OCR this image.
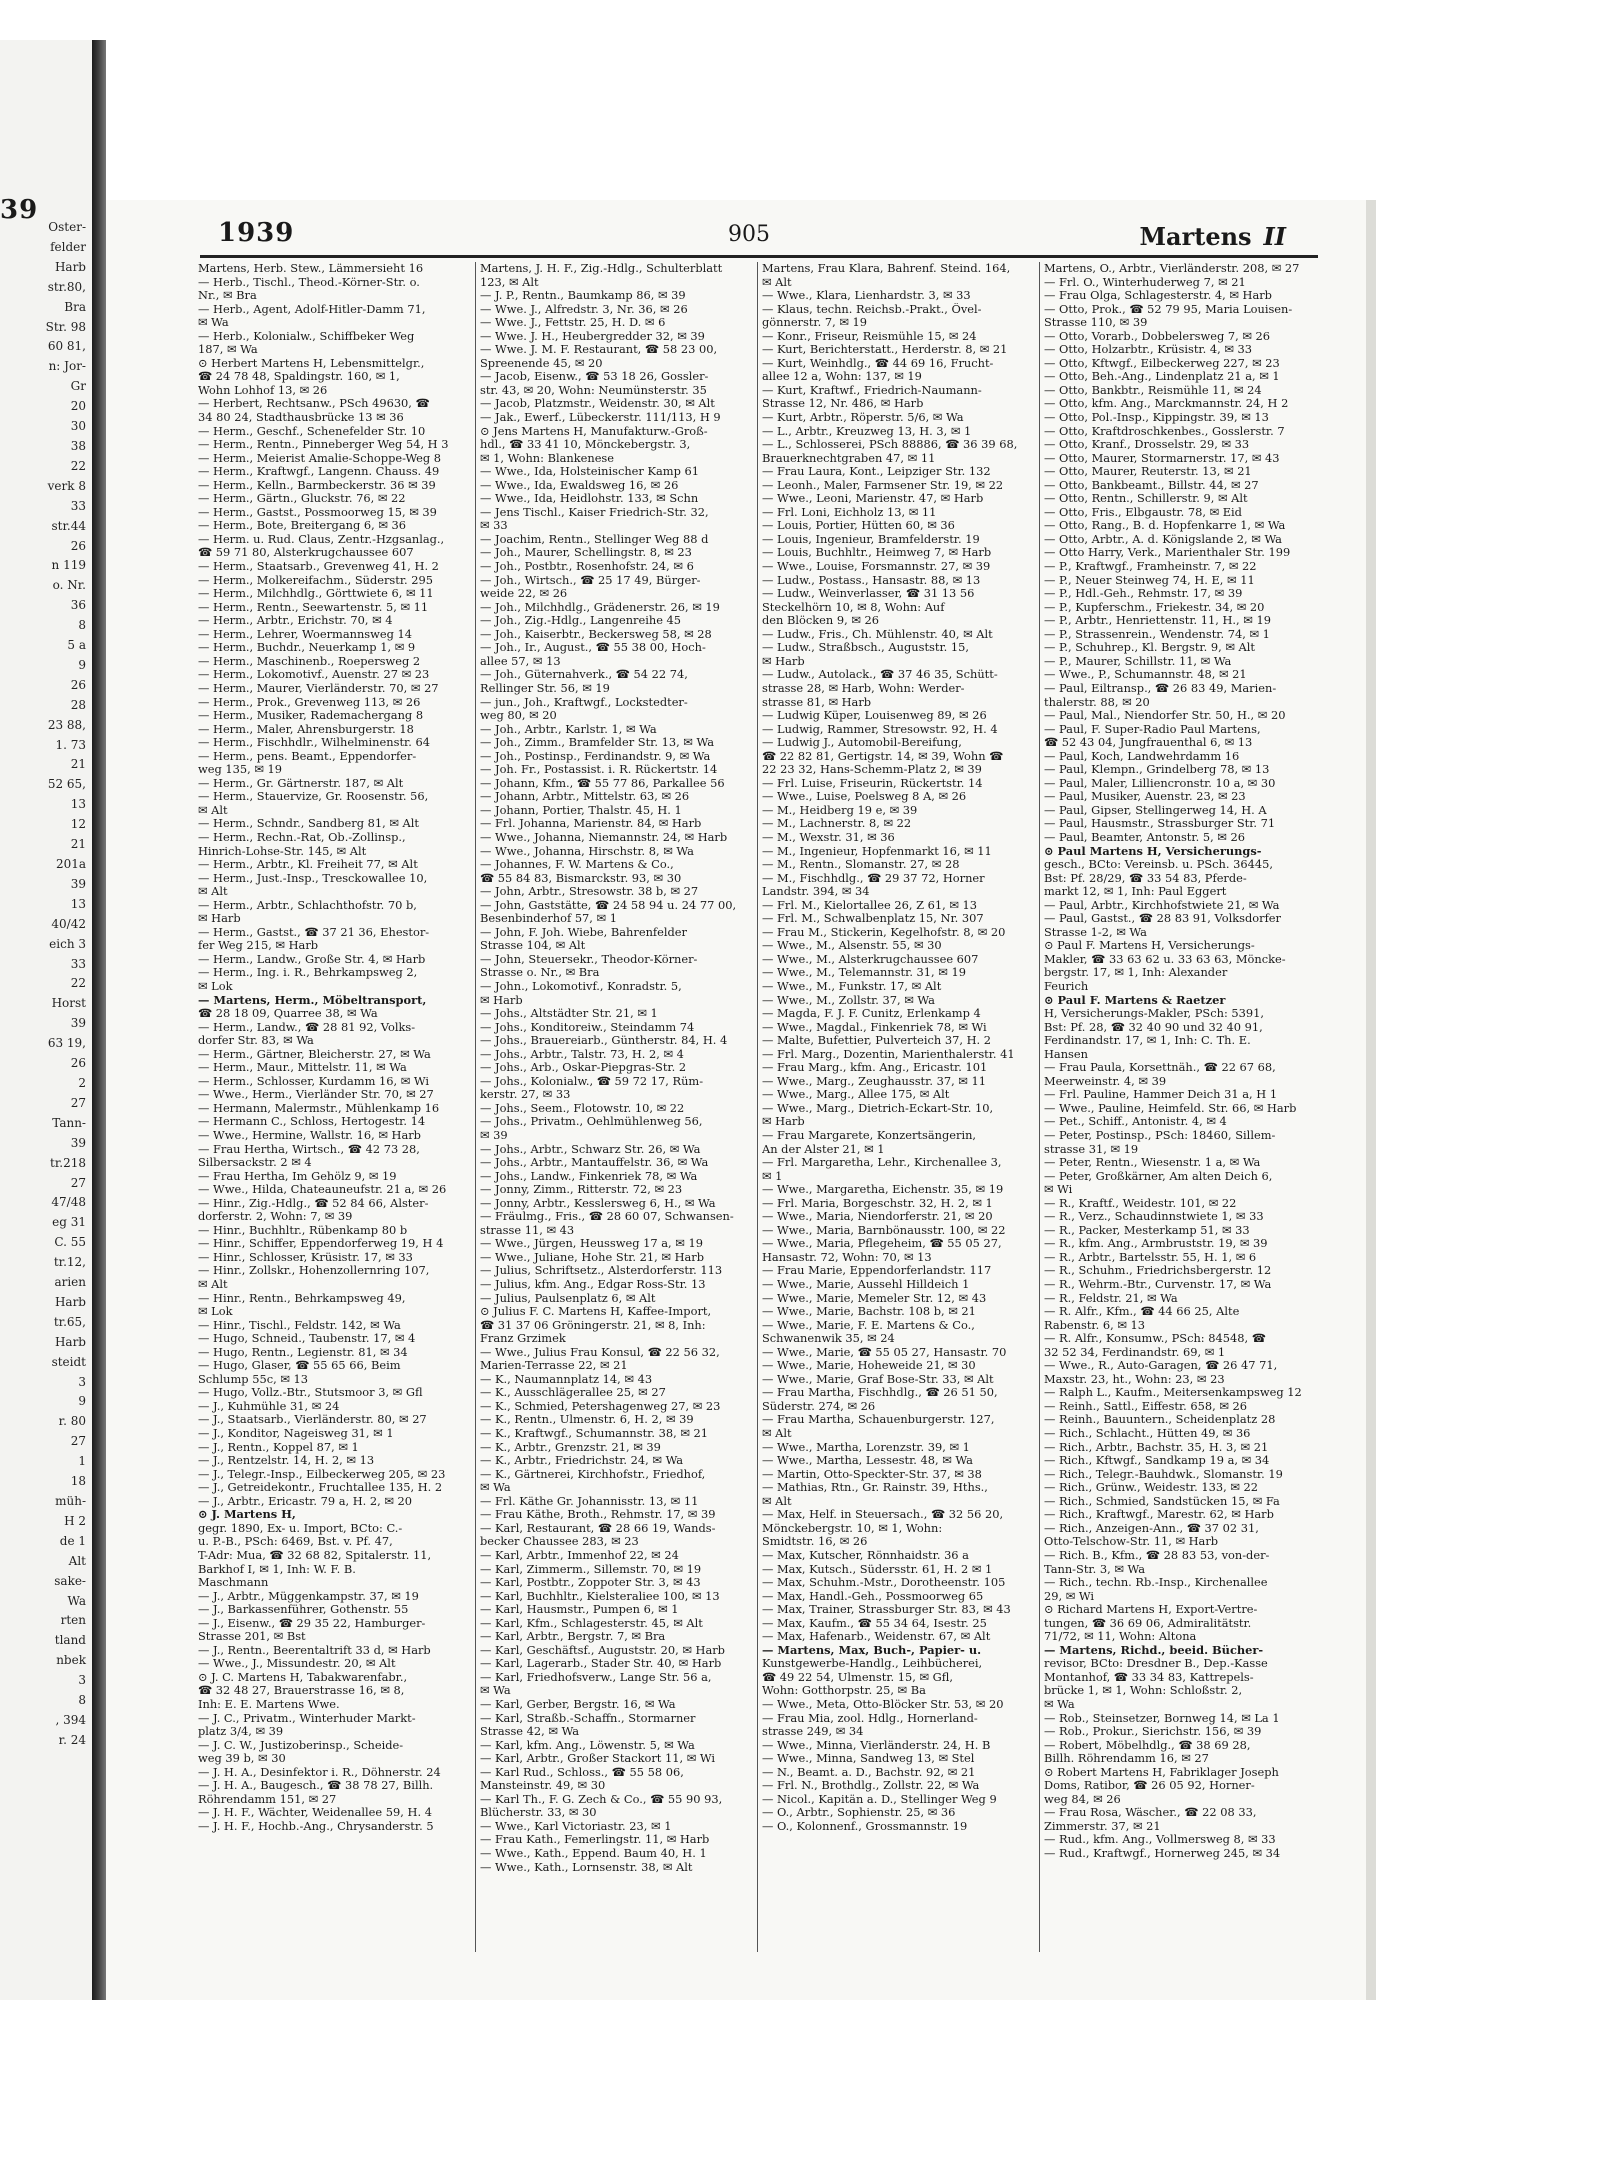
39
Oster-
felder
Harb
str.80,
Bra
Str. 98
60 81,
n: Jor-
Gr
20
30
38
22
verk 8
33
str.44
26
n 119
o. Nr.
36
8
5 a
9
26
28
23 88,
1. 73
21
52 65,
13
12
21
201a
39
13
40/42
eich 3
33
22
Horst
39
63 19,
26
2
27
Tann-
39
tr.218
27
47/48
eg 31
C. 55
tr.12,
arien
Harb
tr.65,
Harb
steidt
3
9
r. 80
27
1
18
müh-
H 2
de 1
Alt
sake-
Wa
rten
tland
nbek
3
8
, 394
r. 24
1939	905	Martens II
Martens, Herb. Stew., Lämmersieht 16
— Herb., Tischl., Theod.-Körner-Str. o.
Nr., ✉ Bra
— Herb., Agent, Adolf-Hitler-Damm 71,
✉ Wa
— Herb., Kolonialw., Schiffbeker Weg
187, ✉ Wa
⊙ Herbert Martens H, Lebensmittelgr.,
☎ 24 78 48, Spaldingstr. 160, ✉ 1,
Wohn Lohhof 13, ✉ 26
— Herbert, Rechtsanw., PSch 49630, ☎
34 80 24, Stadthausbrücke 13 ✉ 36
— Herm., Geschf., Schenefelder Str. 10
— Herm., Rentn., Pinneberger Weg 54, H 3
— Herm., Meierist Amalie-Schoppe-Weg 8
— Herm., Kraftwgf., Langenn. Chauss. 49
— Herm., Kelln., Barmbeckerstr. 36 ✉ 39
— Herm., Gärtn., Gluckstr. 76, ✉ 22
— Herm., Gastst., Possmoorweg 15, ✉ 39
— Herm., Bote, Breitergang 6, ✉ 36
— Herm. u. Rud. Claus, Zentr.-Hzgsanlag.,
☎ 59 71 80, Alsterkrugchaussee 607
— Herm., Staatsarb., Grevenweg 41, H. 2
— Herm., Molkereifachm., Süderstr. 295
— Herm., Milchhdlg., Görttwiete 6, ✉ 11
— Herm., Rentn., Seewartenstr. 5, ✉ 11
— Herm., Arbtr., Erichstr. 70, ✉ 4
— Herm., Lehrer, Woermannsweg 14
— Herm., Buchdr., Neuerkamp 1, ✉ 9
— Herm., Maschinenb., Roepersweg 2
— Herm., Lokomotivf., Auenstr. 27 ✉ 23
— Herm., Maurer, Vierländerstr. 70, ✉ 27
— Herm., Prok., Grevenweg 113, ✉ 26
— Herm., Musiker, Rademachergang 8
— Herm., Maler, Ahrensburgerstr. 18
— Herm., Fischhdlr., Wilhelminenstr. 64
— Herm., pens. Beamt., Eppendorfer-
weg 135, ✉ 19
— Herm., Gr. Gärtnerstr. 187, ✉ Alt
— Herm., Stauervize, Gr. Roosenstr. 56,
✉ Alt
— Herm., Schndr., Sandberg 81, ✉ Alt
— Herm., Rechn.-Rat, Ob.-Zollinsp.,
Hinrich-Lohse-Str. 145, ✉ Alt
— Herm., Arbtr., Kl. Freiheit 77, ✉ Alt
— Herm., Just.-Insp., Tresckowallee 10,
✉ Alt
— Herm., Arbtr., Schlachthofstr. 70 b,
✉ Harb
— Herm., Gastst., ☎ 37 21 36, Ehestor-
fer Weg 215, ✉ Harb
— Herm., Landw., Große Str. 4, ✉ Harb
— Herm., Ing. i. R., Behrkampsweg 2,
✉ Lok
— Martens, Herm., Möbeltransport,
☎ 28 18 09, Quarree 38, ✉ Wa
— Herm., Landw., ☎ 28 81 92, Volks-
dorfer Str. 83, ✉ Wa
— Herm., Gärtner, Bleicherstr. 27, ✉ Wa
— Herm., Maur., Mittelstr. 11, ✉ Wa
— Herm., Schlosser, Kurdamm 16, ✉ Wi
— Wwe., Herm., Vierländer Str. 70, ✉ 27
— Hermann, Malermstr., Mühlenkamp 16
— Hermann C., Schloss, Hertogestr. 14
— Wwe., Hermine, Wallstr. 16, ✉ Harb
— Frau Hertha, Wirtsch., ☎ 42 73 28,
Silbersackstr. 2 ✉ 4
— Frau Hertha, Im Gehölz 9, ✉ 19
— Wwe., Hilda, Chateauneufstr. 21 a, ✉ 26
— Hinr., Zig.-Hdlg., ☎ 52 84 66, Alster-
dorferstr. 2, Wohn: 7, ✉ 39
— Hinr., Buchhltr., Rübenkamp 80 b
— Hinr., Schiffer, Eppendorferweg 19, H 4
— Hinr., Schlosser, Krüsistr. 17, ✉ 33
— Hinr., Zollskr., Hohenzollernring 107,
✉ Alt
— Hinr., Rentn., Behrkampsweg 49,
✉ Lok
— Hinr., Tischl., Feldstr. 142, ✉ Wa
— Hugo, Schneid., Taubenstr. 17, ✉ 4
— Hugo, Rentn., Legienstr. 81, ✉ 34
— Hugo, Glaser, ☎ 55 65 66, Beim
Schlump 55c, ✉ 13
— Hugo, Vollz.-Btr., Stutsmoor 3, ✉ Gfl
— J., Kuhmühle 31, ✉ 24
— J., Staatsarb., Vierländerstr. 80, ✉ 27
— J., Konditor, Nageisweg 31, ✉ 1
— J., Rentn., Koppel 87, ✉ 1
— J., Rentzelstr. 14, H. 2, ✉ 13
— J., Telegr.-Insp., Eilbeckerweg 205, ✉ 23
— J., Getreidekontr., Fruchtallee 135, H. 2
— J., Arbtr., Ericastr. 79 a, H. 2, ✉ 20
⊙ J. Martens H,
gegr. 1890, Ex- u. Import, BCto: C.-
u. P.-B., PSch: 6469, Bst. v. Pf. 47,
T-Adr: Mua, ☎ 32 68 82, Spitalerstr. 11,
Barkhof I, ✉ 1, Inh: W. F. B.
Maschmann
— J., Arbtr., Müggenkampstr. 37, ✉ 19
— J., Barkassenführer, Gothenstr. 55
— J., Eisenw., ☎ 29 35 22, Hamburger-
Strasse 201, ✉ Bst
— J., Rentn., Beerentaltrift 33 d, ✉ Harb
— Wwe., J., Missundestr. 20, ✉ Alt
⊙ J. C. Martens H, Tabakwarenfabr.,
☎ 32 48 27, Brauerstrasse 16, ✉ 8,
Inh: E. E. Martens Wwe.
— J. C., Privatm., Winterhuder Markt-
platz 3/4, ✉ 39
— J. C. W., Justizoberinsp., Scheide-
weg 39 b, ✉ 30
— J. H. A., Desinfektor i. R., Döhnerstr. 24
— J. H. A., Baugesch., ☎ 38 78 27, Billh.
Röhrendamm 151, ✉ 27
— J. H. F., Wächter, Weidenallee 59, H. 4
— J. H. F., Hochb.-Ang., Chrysanderstr. 5
Martens, J. H. F., Zig.-Hdlg., Schulterblatt
123, ✉ Alt
— J. P., Rentn., Baumkamp 86, ✉ 39
— Wwe. J., Alfredstr. 3, Nr. 36, ✉ 26
— Wwe. J., Fettstr. 25, H. D. ✉ 6
— Wwe. J. H., Heubergredder 32, ✉ 39
— Wwe. J. M. F. Restaurant, ☎ 58 23 00,
Spreenende 45, ✉ 20
— Jacob, Eisenw., ☎ 53 18 26, Gossler-
str. 43, ✉ 20, Wohn: Neumünsterstr. 35
— Jacob, Platzmstr., Weidenstr. 30, ✉ Alt
— Jak., Ewerf., Lübeckerstr. 111/113, H 9
⊙ Jens Martens H, Manufakturw.-Groß-
hdl., ☎ 33 41 10, Mönckebergstr. 3,
✉ 1, Wohn: Blankenese
— Wwe., Ida, Holsteinischer Kamp 61
— Wwe., Ida, Ewaldsweg 16, ✉ 26
— Wwe., Ida, Heidlohstr. 133, ✉ Schn
— Jens Tischl., Kaiser Friedrich-Str. 32,
✉ 33
— Joachim, Rentn., Stellinger Weg 88 d
— Joh., Maurer, Schellingstr. 8, ✉ 23
— Joh., Postbtr., Rosenhofstr. 24, ✉ 6
— Joh., Wirtsch., ☎ 25 17 49, Bürger-
weide 22, ✉ 26
— Joh., Milchhdlg., Grädenerstr. 26, ✉ 19
— Joh., Zig.-Hdlg., Langenreihe 45
— Joh., Kaiserbtr., Beckersweg 58, ✉ 28
— Joh., Ir., August., ☎ 55 38 00, Hoch-
allee 57, ✉ 13
— Joh., Güternahverk., ☎ 54 22 74,
Rellinger Str. 56, ✉ 19
— jun., Joh., Kraftwgf., Lockstedter-
weg 80, ✉ 20
— Joh., Arbtr., Karlstr. 1, ✉ Wa
— Joh., Zimm., Bramfelder Str. 13, ✉ Wa
— Joh., Postinsp., Ferdinandstr. 9, ✉ Wa
— Joh. Fr., Postassist. i. R. Rückertstr. 14
— Johann, Kfm., ☎ 55 77 86, Parkallee 56
— Johann, Arbtr., Mittelstr. 63, ✉ 26
— Johann, Portier, Thalstr. 45, H. 1
— Frl. Johanna, Marienstr. 84, ✉ Harb
— Wwe., Johanna, Niemannstr. 24, ✉ Harb
— Wwe., Johanna, Hirschstr. 8, ✉ Wa
— Johannes, F. W. Martens & Co.,
☎ 55 84 83, Bismarckstr. 93, ✉ 30
— John, Arbtr., Stresowstr. 38 b, ✉ 27
— John, Gaststätte, ☎ 24 58 94 u. 24 77 00,
Besenbinderhof 57, ✉ 1
— John, F. Joh. Wiebe, Bahrenfelder
Strasse 104, ✉ Alt
— John, Steuersekr., Theodor-Körner-
Strasse o. Nr., ✉ Bra
— John., Lokomotivf., Konradstr. 5,
✉ Harb
— Johs., Altstädter Str. 21, ✉ 1
— Johs., Konditoreiw., Steindamm 74
— Johs., Brauereiarb., Güntherstr. 84, H. 4
— Johs., Arbtr., Talstr. 73, H. 2, ✉ 4
— Johs., Arb., Oskar-Piepgras-Str. 2
— Johs., Kolonialw., ☎ 59 72 17, Rüm-
kerstr. 27, ✉ 33
— Johs., Seem., Flotowstr. 10, ✉ 22
— Johs., Privatm., Oehlmühlenweg 56,
✉ 39
— Johs., Arbtr., Schwarz Str. 26, ✉ Wa
— Johs., Arbtr., Mantauffelstr. 36, ✉ Wa
— Johs., Landw., Finkenriek 78, ✉ Wa
— Jonny, Zimm., Ritterstr. 72, ✉ 23
— Jonny, Arbtr., Kesslersweg 6, H., ✉ Wa
— Fräulmg., Fris., ☎ 28 60 07, Schwansen-
strasse 11, ✉ 43
— Wwe., Jürgen, Heussweg 17 a, ✉ 19
— Wwe., Juliane, Hohe Str. 21, ✉ Harb
— Julius, Schriftsetz., Alsterdorferstr. 113
— Julius, kfm. Ang., Edgar Ross-Str. 13
— Julius, Paulsenplatz 6, ✉ Alt
⊙ Julius F. C. Martens H, Kaffee-Import,
☎ 31 37 06 Gröningerstr. 21, ✉ 8, Inh:
Franz Grzimek
— Wwe., Julius Frau Konsul, ☎ 22 56 32,
Marien-Terrasse 22, ✉ 21
— K., Naumannplatz 14, ✉ 43
— K., Ausschlägerallee 25, ✉ 27
— K., Schmied, Petershagenweg 27, ✉ 23
— K., Rentn., Ulmenstr. 6, H. 2, ✉ 39
— K., Kraftwgf., Schumannstr. 38, ✉ 21
— K., Arbtr., Grenzstr. 21, ✉ 39
— K., Arbtr., Friedrichstr. 24, ✉ Wa
— K., Gärtnerei, Kirchhofstr., Friedhof,
✉ Wa
— Frl. Käthe Gr. Johannisstr. 13, ✉ 11
— Frau Käthe, Broth., Rehmstr. 17, ✉ 39
— Karl, Restaurant, ☎ 28 66 19, Wands-
becker Chaussee 283, ✉ 23
— Karl, Arbtr., Immenhof 22, ✉ 24
— Karl, Zimmerm., Sillemstr. 70, ✉ 19
— Karl, Postbtr., Zoppoter Str. 3, ✉ 43
— Karl, Buchhltr., Kielsteraliee 100, ✉ 13
— Karl, Hausmstr., Pumpen 6, ✉ 1
— Karl, Kfm., Schlagesterstr. 45, ✉ Alt
— Karl, Arbtr., Bergstr. 7, ✉ Bra
— Karl, Geschäftsf., Auguststr. 20, ✉ Harb
— Karl, Lagerarb., Stader Str. 40, ✉ Harb
— Karl, Friedhofsverw., Lange Str. 56 a,
✉ Wa
— Karl, Gerber, Bergstr. 16, ✉ Wa
— Karl, Straßb.-Schaffn., Stormarner
Strasse 42, ✉ Wa
— Karl, kfm. Ang., Löwenstr. 5, ✉ Wa
— Karl, Arbtr., Großer Stackort 11, ✉ Wi
— Karl Rud., Schloss., ☎ 55 58 06,
Mansteinstr. 49, ✉ 30
— Karl Th., F. G. Zech & Co., ☎ 55 90 93,
Blücherstr. 33, ✉ 30
— Wwe., Karl Victoriastr. 23, ✉ 1
— Frau Kath., Femerlingstr. 11, ✉ Harb
— Wwe., Kath., Eppend. Baum 40, H. 1
— Wwe., Kath., Lornsenstr. 38, ✉ Alt
Martens, Frau Klara, Bahrenf. Steind. 164,
✉ Alt
— Wwe., Klara, Lienhardstr. 3, ✉ 33
— Klaus, techn. Reichsb.-Prakt., Övel-
gönnerstr. 7, ✉ 19
— Konr., Friseur, Reismühle 15, ✉ 24
— Kurt, Berichterstatt., Herderstr. 8, ✉ 21
— Kurt, Weinhdlg., ☎ 44 69 16, Frucht-
allee 12 a, Wohn: 137, ✉ 19
— Kurt, Kraftwf., Friedrich-Naumann-
Strasse 12, Nr. 486, ✉ Harb
— Kurt, Arbtr., Röperstr. 5/6, ✉ Wa
— L., Arbtr., Kreuzweg 13, H. 3, ✉ 1
— L., Schlosserei, PSch 88886, ☎ 36 39 68,
Brauerknechtgraben 47, ✉ 11
— Frau Laura, Kont., Leipziger Str. 132
— Leonh., Maler, Farmsener Str. 19, ✉ 22
— Wwe., Leoni, Marienstr. 47, ✉ Harb
— Frl. Loni, Eichholz 13, ✉ 11
— Louis, Portier, Hütten 60, ✉ 36
— Louis, Ingenieur, Bramfelderstr. 19
— Louis, Buchhltr., Heimweg 7, ✉ Harb
— Wwe., Louise, Forsmannstr. 27, ✉ 39
— Ludw., Postass., Hansastr. 88, ✉ 13
— Ludw., Weinverlasser, ☎ 31 13 56
Steckelhörn 10, ✉ 8, Wohn: Auf
den Blöcken 9, ✉ 26
— Ludw., Fris., Ch. Mühlenstr. 40, ✉ Alt
— Ludw., Straßbsch., Auguststr. 15,
✉ Harb
— Ludw., Autolack., ☎ 37 46 35, Schütt-
strasse 28, ✉ Harb, Wohn: Werder-
strasse 81, ✉ Harb
— Ludwig Küper, Louisenweg 89, ✉ 26
— Ludwig, Rammer, Stresowstr. 92, H. 4
— Ludwig J., Automobil-Bereifung,
☎ 22 82 81, Gertigstr. 14, ✉ 39, Wohn ☎
22 23 32, Hans-Schemm-Platz 2, ✉ 39
— Frl. Luise, Friseurin, Rückertstr. 14
— Wwe., Luise, Poelsweg 8 A, ✉ 26
— M., Heidberg 19 e, ✉ 39
— M., Lachnerstr. 8, ✉ 22
— M., Wexstr. 31, ✉ 36
— M., Ingenieur, Hopfenmarkt 16, ✉ 11
— M., Rentn., Slomanstr. 27, ✉ 28
— M., Fischhdlg., ☎ 29 37 72, Horner
Landstr. 394, ✉ 34
— Frl. M., Kielortallee 26, Z 61, ✉ 13
— Frl. M., Schwalbenplatz 15, Nr. 307
— Frau M., Stickerin, Kegelhofstr. 8, ✉ 20
— Wwe., M., Alsenstr. 55, ✉ 30
— Wwe., M., Alsterkrugchaussee 607
— Wwe., M., Telemannstr. 31, ✉ 19
— Wwe., M., Funkstr. 17, ✉ Alt
— Wwe., M., Zollstr. 37, ✉ Wa
— Magda, F. J. F. Cunitz, Erlenkamp 4
— Wwe., Magdal., Finkenriek 78, ✉ Wi
— Malte, Bufettier, Pulverteich 37, H. 2
— Frl. Marg., Dozentin, Marienthalerstr. 41
— Frau Marg., kfm. Ang., Ericastr. 101
— Wwe., Marg., Zeughausstr. 37, ✉ 11
— Wwe., Marg., Allee 175, ✉ Alt
— Wwe., Marg., Dietrich-Eckart-Str. 10,
✉ Harb
— Frau Margarete, Konzertsängerin,
An der Alster 21, ✉ 1
— Frl. Margaretha, Lehr., Kirchenallee 3,
✉ 1
— Wwe., Margaretha, Eichenstr. 35, ✉ 19
— Frl. Maria, Borgeschstr. 32, H. 2, ✉ 1
— Wwe., Maria, Niendorferstr. 21, ✉ 20
— Wwe., Maria, Barnbönausstr. 100, ✉ 22
— Wwe., Maria, Pflegeheim, ☎ 55 05 27,
Hansastr. 72, Wohn: 70, ✉ 13
— Frau Marie, Eppendorferlandstr. 117
— Wwe., Marie, Aussehl Hilldeich 1
— Wwe., Marie, Memeler Str. 12, ✉ 43
— Wwe., Marie, Bachstr. 108 b, ✉ 21
— Wwe., Marie, F. E. Martens & Co.,
Schwanenwik 35, ✉ 24
— Wwe., Marie, ☎ 55 05 27, Hansastr. 70
— Wwe., Marie, Hoheweide 21, ✉ 30
— Wwe., Marie, Graf Bose-Str. 33, ✉ Alt
— Frau Martha, Fischhdlg., ☎ 26 51 50,
Süderstr. 274, ✉ 26
— Frau Martha, Schauenburgerstr. 127,
✉ Alt
— Wwe., Martha, Lorenzstr. 39, ✉ 1
— Wwe., Martha, Lessestr. 48, ✉ Wa
— Martin, Otto-Speckter-Str. 37, ✉ 38
— Mathias, Rtn., Gr. Rainstr. 39, Hths.,
✉ Alt
— Max, Helf. in Steuersach., ☎ 32 56 20,
Mönckebergstr. 10, ✉ 1, Wohn:
Smidtstr. 16, ✉ 26
— Max, Kutscher, Rönnhaidstr. 36 a
— Max, Kutsch., Südersstr. 61, H. 2 ✉ 1
— Max, Schuhm.-Mstr., Dorotheenstr. 105
— Max, Handl.-Geh., Possmoorweg 65
— Max, Trainer, Strassburger Str. 83, ✉ 43
— Max, Kaufm., ☎ 55 34 64, Isestr. 25
— Max, Hafenarb., Weidenstr. 67, ✉ Alt
— Martens, Max, Buch-, Papier- u.
Kunstgewerbe-Handlg., Leihbücherei,
☎ 49 22 54, Ulmenstr. 15, ✉ Gfl,
Wohn: Gotthorpstr. 25, ✉ Ba
— Wwe., Meta, Otto-Blöcker Str. 53, ✉ 20
— Frau Mia, zool. Hdlg., Hornerland-
strasse 249, ✉ 34
— Wwe., Minna, Vierländerstr. 24, H. B
— Wwe., Minna, Sandweg 13, ✉ Stel
— N., Beamt. a. D., Bachstr. 92, ✉ 21
— Frl. N., Brothdlg., Zollstr. 22, ✉ Wa
— Nicol., Kapitän a. D., Stellinger Weg 9
— O., Arbtr., Sophienstr. 25, ✉ 36
— O., Kolonnenf., Grossmannstr. 19
Martens, O., Arbtr., Vierländerstr. 208, ✉ 27
— Frl. O., Winterhuderweg 7, ✉ 21
— Frau Olga, Schlagesterstr. 4, ✉ Harb
— Otto, Prok., ☎ 52 79 95, Maria Louisen-
Strasse 110, ✉ 39
— Otto, Vorarb., Dobbelersweg 7, ✉ 26
— Otto, Holzarbtr., Krüsistr. 4, ✉ 33
— Otto, Kftwgf., Eilbeckerweg 227, ✉ 23
— Otto, Beh.-Ang., Lindenplatz 21 a, ✉ 1
— Otto, Bankbtr., Reismühle 11, ✉ 24
— Otto, kfm. Ang., Marckmannstr. 24, H 2
— Otto, Pol.-Insp., Kippingstr. 39, ✉ 13
— Otto, Kraftdroschkenbes., Gosslerstr. 7
— Otto, Kranf., Drosselstr. 29, ✉ 33
— Otto, Maurer, Stormarnerstr. 17, ✉ 43
— Otto, Maurer, Reuterstr. 13, ✉ 21
— Otto, Bankbeamt., Billstr. 44, ✉ 27
— Otto, Rentn., Schillerstr. 9, ✉ Alt
— Otto, Fris., Elbgaustr. 78, ✉ Eid
— Otto, Rang., B. d. Hopfenkarre 1, ✉ Wa
— Otto, Arbtr., A. d. Königslande 2, ✉ Wa
— Otto Harry, Verk., Marienthaler Str. 199
— P., Kraftwgf., Framheinstr. 7, ✉ 22
— P., Neuer Steinweg 74, H. E, ✉ 11
— P., Hdl.-Geh., Rehmstr. 17, ✉ 39
— P., Kupferschm., Friekestr. 34, ✉ 20
— P., Arbtr., Henriettenstr. 11, H., ✉ 19
— P., Strassenrein., Wendenstr. 74, ✉ 1
— P., Schuhrep., Kl. Bergstr. 9, ✉ Alt
— P., Maurer, Schillstr. 11, ✉ Wa
— Wwe., P., Schumannstr. 48, ✉ 21
— Paul, Eiltransp., ☎ 26 83 49, Marien-
thalerstr. 88, ✉ 20
— Paul, Mal., Niendorfer Str. 50, H., ✉ 20
— Paul, F. Super-Radio Paul Martens,
☎ 52 43 04, Jungfrauenthal 6, ✉ 13
— Paul, Koch, Landwehrdamm 16
— Paul, Klempn., Grindelberg 78, ✉ 13
— Paul, Maler, Lilliencronstr. 10 a, ✉ 30
— Paul, Musiker, Auenstr. 23, ✉ 23
— Paul, Gipser, Stellingerweg 14, H. A
— Paul, Hausmstr., Strassburger Str. 71
— Paul, Beamter, Antonstr. 5, ✉ 26
⊙ Paul Martens H, Versicherungs-
gesch., BCto: Vereinsb. u. PSch. 36445,
Bst: Pf. 28/29, ☎ 33 54 83, Pferde-
markt 12, ✉ 1, Inh: Paul Eggert
— Paul, Arbtr., Kirchhofstwiete 21, ✉ Wa
— Paul, Gastst., ☎ 28 83 91, Volksdorfer
Strasse 1-2, ✉ Wa
⊙ Paul F. Martens H, Versicherungs-
Makler, ☎ 33 63 62 u. 33 63 63, Möncke-
bergstr. 17, ✉ 1, Inh: Alexander
Feurich
⊙ Paul F. Martens & Raetzer
H, Versicherungs-Makler, PSch: 5391,
Bst: Pf. 28, ☎ 32 40 90 und 32 40 91,
Ferdinandstr. 17, ✉ 1, Inh: C. Th. E.
Hansen
— Frau Paula, Korsettnäh., ☎ 22 67 68,
Meerweinstr. 4, ✉ 39
— Frl. Pauline, Hammer Deich 31 a, H 1
— Wwe., Pauline, Heimfeld. Str. 66, ✉ Harb
— Pet., Schiff., Antonistr. 4, ✉ 4
— Peter, Postinsp., PSch: 18460, Sillem-
strasse 31, ✉ 19
— Peter, Rentn., Wiesenstr. 1 a, ✉ Wa
— Peter, Großkärner, Am alten Deich 6,
✉ Wi
— R., Kraftf., Weidestr. 101, ✉ 22
— R., Verz., Schaudinnstwiete 1, ✉ 33
— R., Packer, Mesterkamp 51, ✉ 33
— R., kfm. Ang., Armbruststr. 19, ✉ 39
— R., Arbtr., Bartelsstr. 55, H. 1, ✉ 6
— R., Schuhm., Friedrichsbergerstr. 12
— R., Wehrm.-Btr., Curvenstr. 17, ✉ Wa
— R., Feldstr. 21, ✉ Wa
— R. Alfr., Kfm., ☎ 44 66 25, Alte
Rabenstr. 6, ✉ 13
— R. Alfr., Konsumw., PSch: 84548, ☎
32 52 34, Ferdinandstr. 69, ✉ 1
— Wwe., R., Auto-Garagen, ☎ 26 47 71,
Maxstr. 23, ht., Wohn: 23, ✉ 23
— Ralph L., Kaufm., Meitersenkampsweg 12
— Reinh., Sattl., Eiffestr. 658, ✉ 26
— Reinh., Bauuntern., Scheidenplatz 28
— Rich., Schlacht., Hütten 49, ✉ 36
— Rich., Arbtr., Bachstr. 35, H. 3, ✉ 21
— Rich., Kftwgf., Sandkamp 19 a, ✉ 34
— Rich., Telegr.-Bauhdwk., Slomanstr. 19
— Rich., Grünw., Weidestr. 133, ✉ 22
— Rich., Schmied, Sandstücken 15, ✉ Fa
— Rich., Kraftwgf., Marestr. 62, ✉ Harb
— Rich., Anzeigen-Ann., ☎ 37 02 31,
Otto-Telschow-Str. 11, ✉ Harb
— Rich. B., Kfm., ☎ 28 83 53, von-der-
Tann-Str. 3, ✉ Wa
— Rich., techn. Rb.-Insp., Kirchenallee
29, ✉ Wi
⊙ Richard Martens H, Export-Vertre-
tungen, ☎ 36 69 06, Admiralitätstr.
71/72, ✉ 11, Wohn: Altona
— Martens, Richd., beeid. Bücher-
revisor, BCto: Dresdner B., Dep.-Kasse
Montanhof, ☎ 33 34 83, Kattrepels-
brücke 1, ✉ 1, Wohn: Schloßstr. 2,
✉ Wa
— Rob., Steinsetzer, Bornweg 14, ✉ La 1
— Rob., Prokur., Sierichstr. 156, ✉ 39
— Robert, Möbelhdlg., ☎ 38 69 28,
Billh. Röhrendamm 16, ✉ 27
⊙ Robert Martens H, Fabriklager Joseph
Doms, Ratibor, ☎ 26 05 92, Horner-
weg 84, ✉ 26
— Frau Rosa, Wäscher., ☎ 22 08 33,
Zimmerstr. 37, ✉ 21
— Rud., kfm. Ang., Vollmersweg 8, ✉ 33
— Rud., Kraftwgf., Hornerweg 245, ✉ 34
